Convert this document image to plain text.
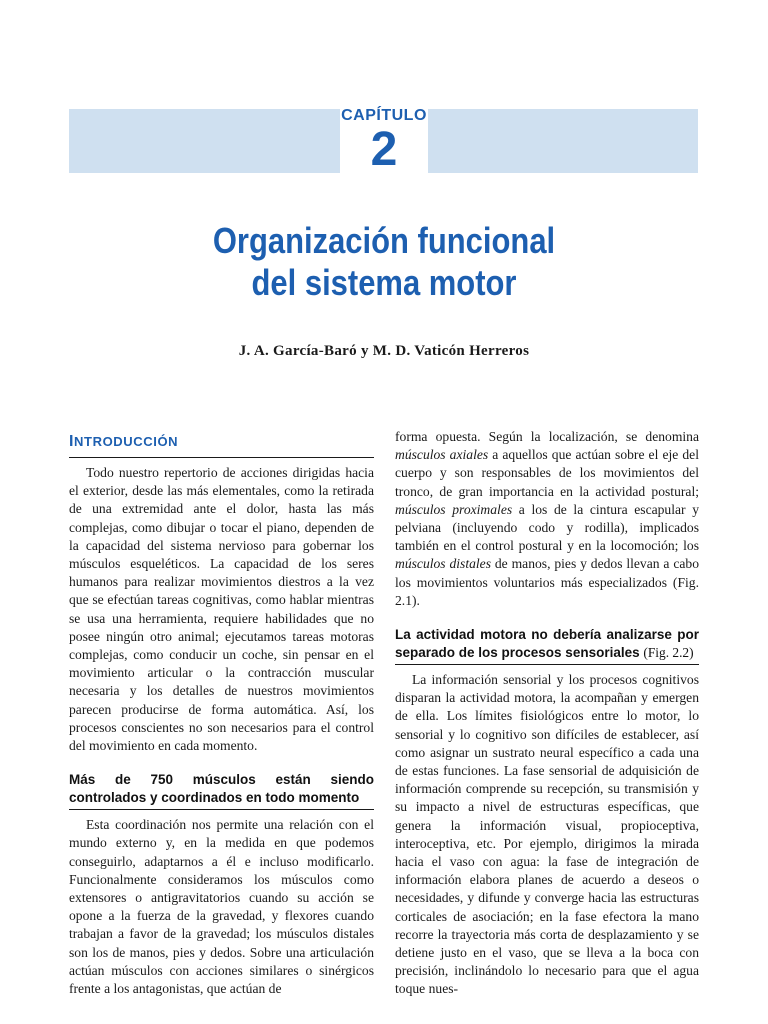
CAPÍTULO
2
Organización funcional
del sistema motor
J. A. García-Baró y M. D. Vaticón Herreros
INTRODUCCIÓN

Todo nuestro repertorio de acciones dirigidas hacia el exterior, desde las más elementales, como la retirada de una extremidad ante el dolor, hasta las más complejas, como dibujar o tocar el piano, dependen de la capacidad del sistema nervioso para gobernar los músculos esqueléticos. La capacidad de los seres humanos para realizar movimientos diestros a la vez que se efectúan tareas cognitivas, como hablar mientras se usa una herramienta, requiere habilidades que no posee ningún otro animal; ejecutamos tareas motoras complejas, como conducir un coche, sin pensar en el movimiento articular o la contracción muscular necesaria y los detalles de nuestros movimientos parecen producirse de forma automática. Así, los procesos conscientes no son necesarios para el control del movimiento en cada momento.

Más de 750 músculos están siendo controlados y coordinados en todo momento

Esta coordinación nos permite una relación con el mundo externo y, en la medida en que podemos conseguirlo, adaptarnos a él e incluso modificarlo. Funcionalmente consideramos los músculos como extensores o antigravitatorios cuando su acción se opone a la fuerza de la gravedad, y flexores cuando trabajan a favor de la gravedad; los músculos distales son los de manos, pies y dedos. Sobre una articulación actúan músculos con acciones similares o sinérgicos frente a los antagonistas, que actúan de

forma opuesta. Según la localización, se denomina músculos axiales a aquellos que actúan sobre el eje del cuerpo y son responsables de los movimientos del tronco, de gran importancia en la actividad postural; músculos proximales a los de la cintura escapular y pelviana (incluyendo codo y rodilla), implicados también en el control postural y en la locomoción; los músculos distales de manos, pies y dedos llevan a cabo los movimientos voluntarios más especializados (Fig. 2.1).

La actividad motora no debería analizarse por separado de los procesos sensoriales (Fig. 2.2)

La información sensorial y los procesos cognitivos disparan la actividad motora, la acompañan y emergen de ella. Los límites fisiológicos entre lo motor, lo sensorial y lo cognitivo son difíciles de establecer, así como asignar un sustrato neural específico a cada una de estas funciones. La fase sensorial de adquisición de información comprende su recepción, su transmisión y su impacto a nivel de estructuras específicas, que genera la información visual, propioceptiva, interoceptiva, etc. Por ejemplo, dirigimos la mirada hacia el vaso con agua: la fase de integración de información elabora planes de acuerdo a deseos o necesidades, y difunde y converge hacia las estructuras corticales de asociación; en la fase efectora la mano recorre la trayectoria más corta de desplazamiento y se detiene justo en el vaso, que se lleva a la boca con precisión, inclinándolo lo necesario para que el agua toque nues-
